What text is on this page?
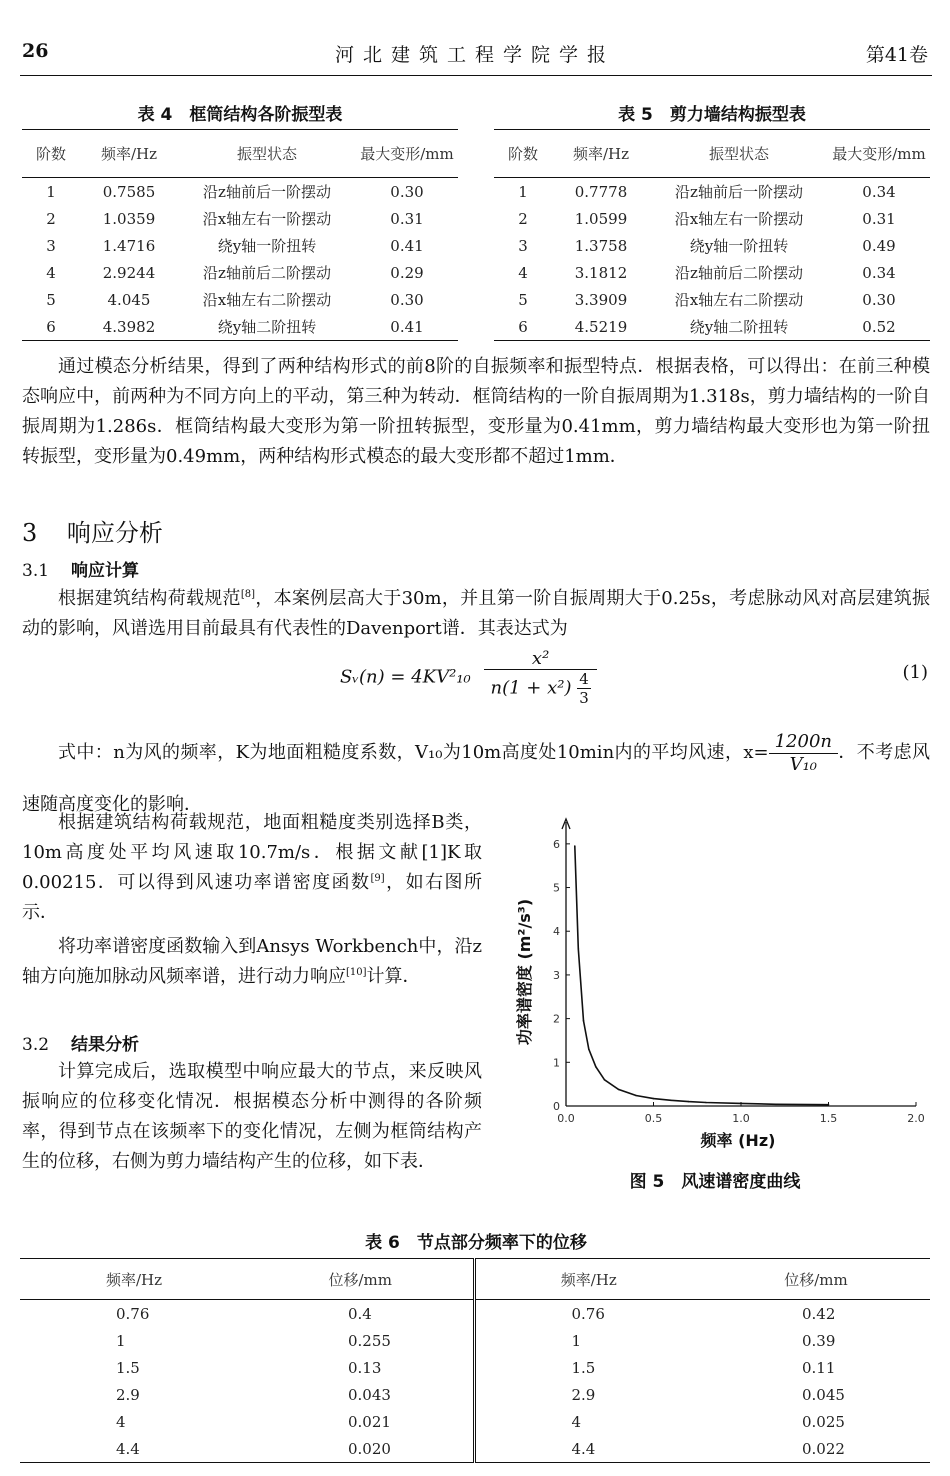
26	河北建筑工程学院学报	第41卷
表 4　框筒结构各阶振型表
阶数	频率/Hz	振型状态	最大变形/mm
1	0.7585	沿z轴前后一阶摆动	0.30
2	1.0359	沿x轴左右一阶摆动	0.31
3	1.4716	绕y轴一阶扭转	0.41
4	2.9244	沿z轴前后二阶摆动	0.29
5	4.045	沿x轴左右二阶摆动	0.30
6	4.3982	绕y轴二阶扭转	0.41
表 5　剪力墙结构振型表
阶数	频率/Hz	振型状态	最大变形/mm
1	0.7778	沿z轴前后一阶摆动	0.34
2	1.0599	沿x轴左右一阶摆动	0.31
3	1.3758	绕y轴一阶扭转	0.49
4	3.1812	沿z轴前后二阶摆动	0.34
5	3.3909	沿x轴左右二阶摆动	0.30
6	4.5219	绕y轴二阶扭转	0.52

通过模态分析结果，得到了两种结构形式的前8阶的自振频率和振型特点．根据表格，可以得出：在前三种模态响应中，前两种为不同方向上的平动，第三种为转动．框筒结构的一阶自振周期为1.318s，剪力墙结构的一阶自振周期为1.286s．框筒结构最大变形为第一阶扭转振型，变形量为0.41mm，剪力墙结构最大变形也为第一阶扭转振型，变形量为0.49mm，两种结构形式模态的最大变形都不超过1mm．

3 响应分析
3.1 响应计算

根据建筑结构荷载规范[8]，本案例层高大于30m，并且第一阶自振周期大于0.25s，考虑脉动风对高层建筑振动的影响，风谱选用目前最具有代表性的Davenport谱．其表达式为

Sᵥ(n) = $4KV^2_{10} \frac{\text{x²}}{n(1 + x^2) \frac{4}{3}}$	(1)
式中：n为风的频率，K为地面粗糙度系数，V₁₀为10m高度处10min内的平均风速，$x= \frac{1200n}{\text{V₁₀}}$ ．不考虑风速随高度变化的影响．

根据建筑结构荷载规范，地面粗糙度类别选择B类，10m高度处平均风速取10.7m/s．根据文献[1]K取0.00215．可以得到风速功率谱密度函数[9]，如右图所示．

将功率谱密度函数输入到Ansys Workbench中，沿z轴方向施加脉动风频率谱，进行动力响应[10]计算．

3.2 结果分析

计算完成后，选取模型中响应最大的节点，来反映风振响应的位移变化情况．根据模态分析中测得的各阶频率，得到节点在该频率下的变化情况，左侧为框筒结构产生的位移，右侧为剪力墙结构产生的位移，如下表．

0
1
2
3
4
5
6
0.0	0.5	1.0	1.5	2.0
功率谱密度 (m²/s³)
频率 (Hz)
图 5　风速谱密度曲线
表 6　节点部分频率下的位移
频率/Hz	位移/mm	频率/Hz	位移/mm
0.76	0.4	0.76	0.42
1	0.255	1	0.39
1.5	0.13	1.5	0.11
2.9	0.043	2.9	0.045
4	0.021	4	0.025
4.4	0.020	4.4	0.022
